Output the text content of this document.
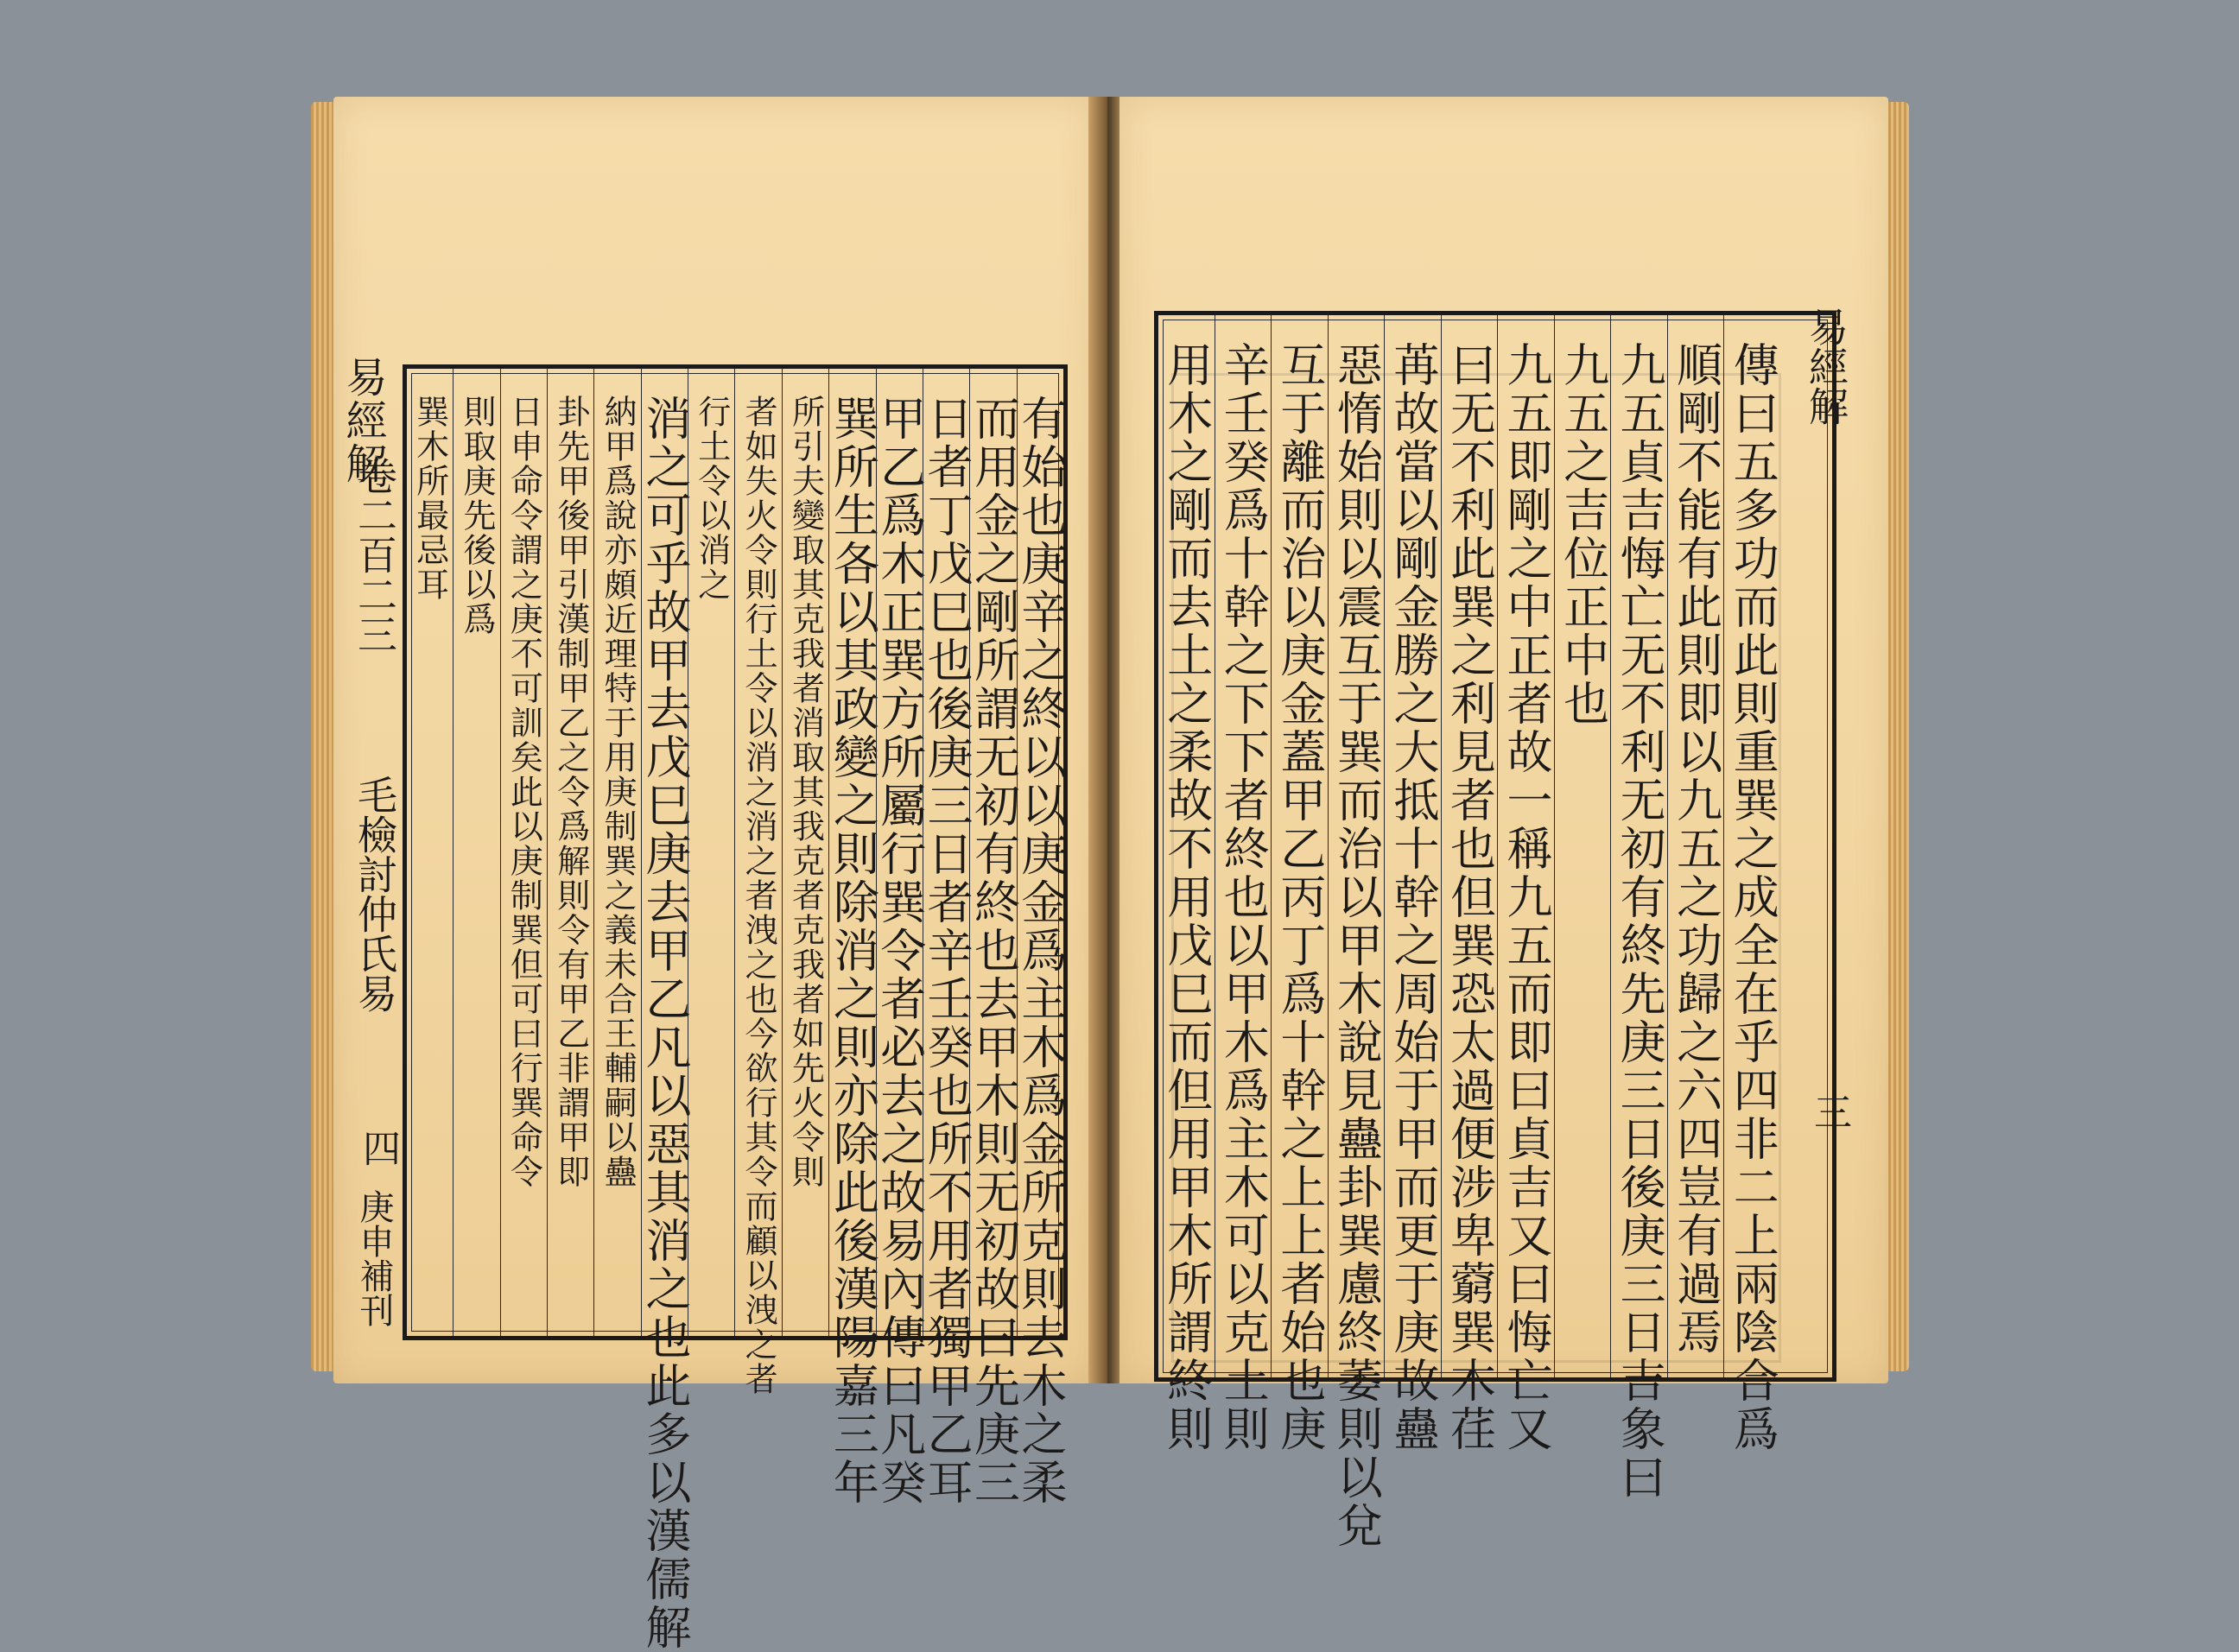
易經解
卷二百二三
毛檢討仲氏易
四
庚申補刊	有始也庚辛之終以以庚金爲主木爲金所克則去木之柔
而用金之剛所謂无初有終也去甲木則无初故曰先庚三
日者丁戊巳也後庚三日者辛壬癸也所不用者獨甲乙耳
甲乙爲木正巽方所屬行巽令者必去之故易內傳曰凡癸
巽所生各以其政變之則除消之則亦除此後漢陽嘉三年
所引夫變取其克我者消取其我克者克我者如先火令則
者如失火令則行土令以消之消之者洩之也今欲行其令而顧以洩之者
行土令以消之
消之可乎故甲去戊巳庚去甲乙凡以惡其消之也此多以漢儒解
納甲爲說亦頗近理特于用庚制巽之義未合王輔嗣以蠱
卦先甲後甲引漢制甲乙之令爲解則令有甲乙非謂甲即
日申命令謂之庚不可訓矣此以庚制巽但可曰行巽命令
則取庚先後以爲
巽木所最忌耳
易經解
三
傳曰五多功而此則重巽之成全在乎四非二上兩陰合爲
順剛不能有此則即以九五之功歸之六四豈有過焉
九五貞吉悔亡无不利无初有終先庚三日後庚三日吉象曰
九五之吉位正中也
九五即剛之中正者故一稱九五而即曰貞吉又曰悔亡又
曰无不利此巽之利見者也但巽恐太過便涉卑藭巽木荏
苒故當以剛金勝之大抵十幹之周始于甲而更于庚故蠱
惡惰始則以震互于巽而治以甲木說見蠱卦巽慮終萎則以兌
互于離而治以庚金蓋甲乙丙丁爲十幹之上上者始也庚
辛壬癸爲十幹之下下者終也以甲木爲主木可以克土則
用木之剛而去土之柔故不用戊巳而但用甲木所謂終則
